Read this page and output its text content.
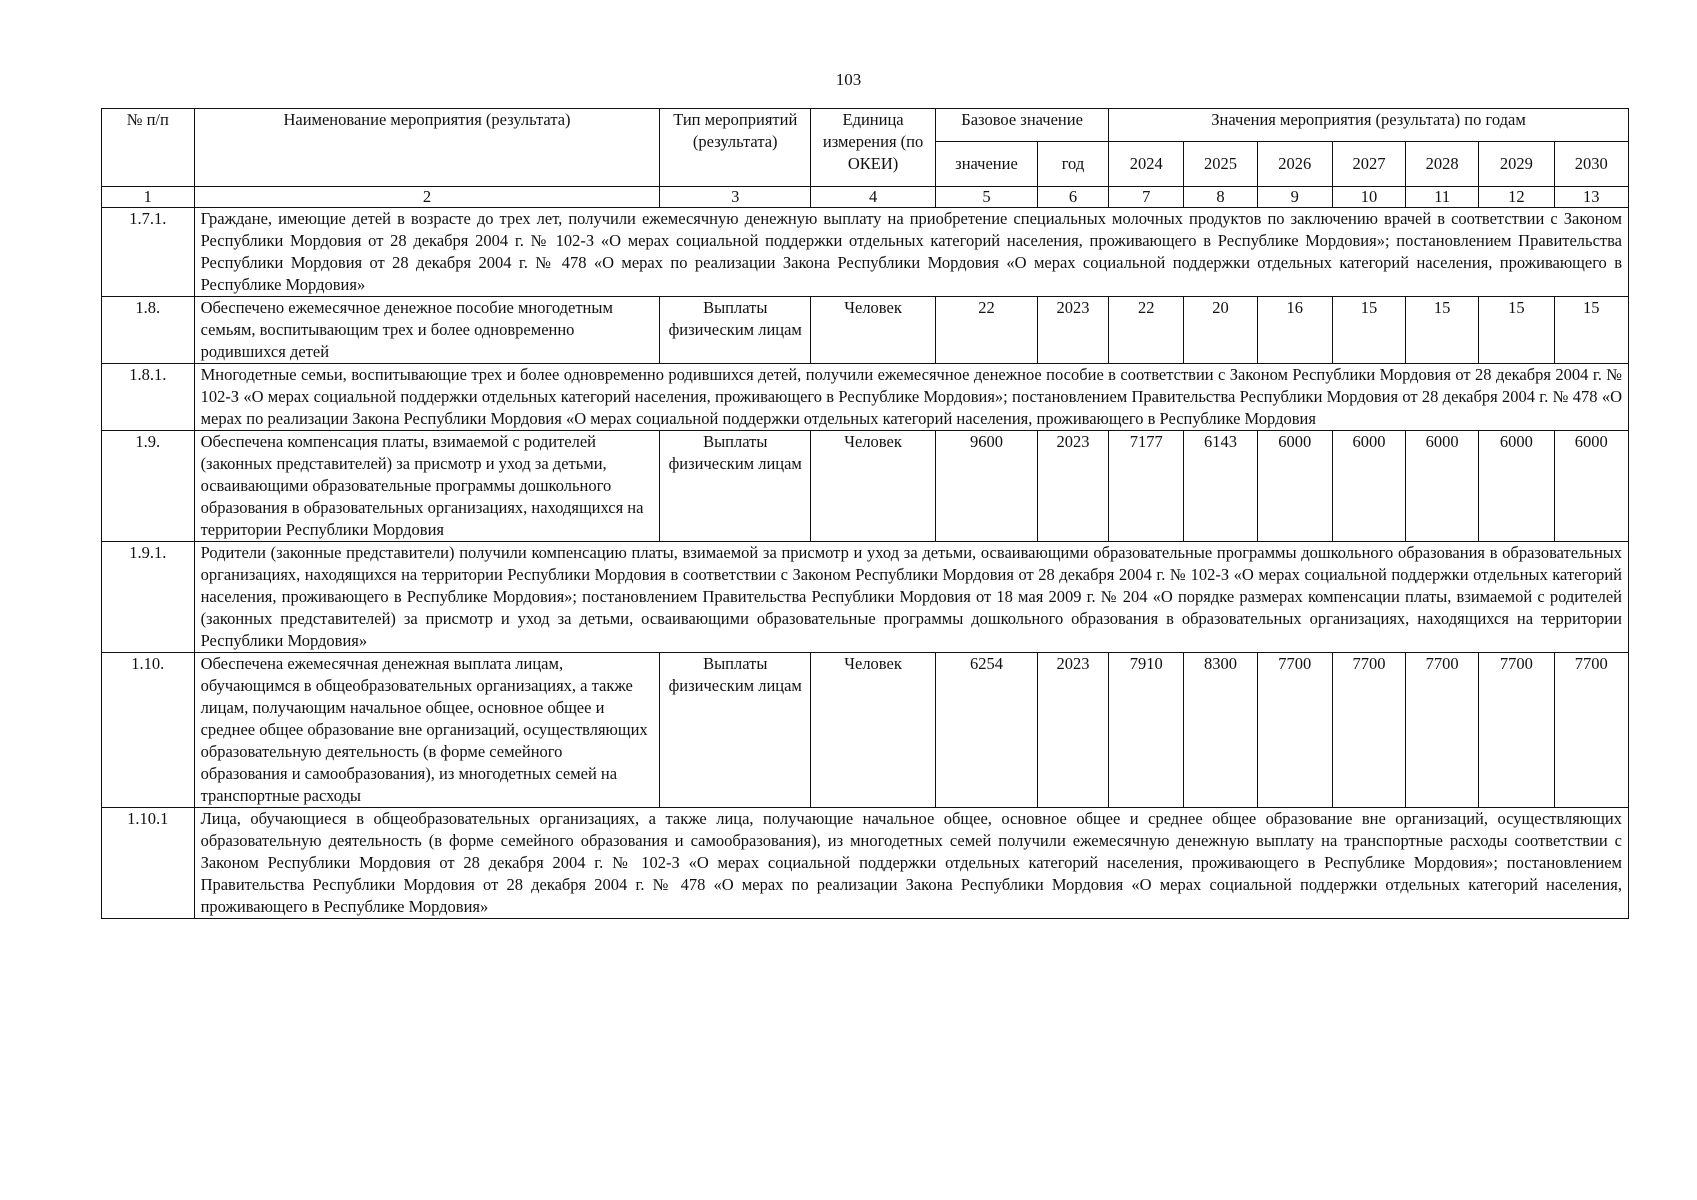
103
№ п/п	Наименование мероприятия (результата)	Тип мероприятий (результата)	Единица измерения (по ОКЕИ)	Базовое значение		Значения мероприятия (результата) по годам						
				значение	год	2024	2025	2026	2027	2028	2029	2030
1	2	3	4	5	6	7	8	9	10	11	12	13
1.7.1.	Граждане, имеющие детей в возрасте до трех лет, получили ежемесячную денежную выплату на приобретение специальных молочных продуктов по заключению врачей в соответствии с Законом Республики Мордовия от 28 декабря 2004 г. № 102-З «О мерах социальной поддержки отдельных категорий населения, проживающего в Республике Мордовия»; постановлением Правительства Республики Мордовия от 28 декабря 2004 г. № 478 «О мерах по реализации Закона Республики Мордовия «О мерах социальной поддержки отдельных категорий населения, проживающего в Республике Мордовия»											
1.8.	Обеспечено ежемесячное денежное пособие многодетным семьям, воспитывающим трех и более одновременно родившихся детей	Выплаты физическим лицам	Человек	22	2023	22	20	16	15	15	15	15
1.8.1.	Многодетные семьи, воспитывающие трех и более одновременно родившихся детей, получили ежемесячное денежное пособие в соответствии с Законом Республики Мордовия от 28 декабря 2004 г. № 102-З «О мерах социальной поддержки отдельных категорий населения, проживающего в Республике Мордовия»; постановлением Правительства Республики Мордовия от 28 декабря 2004 г. № 478 «О мерах по реализации Закона Республики Мордовия «О мерах социальной поддержки отдельных категорий населения, проживающего в Республике Мордовия											
1.9.	Обеспечена компенсация платы, взимаемой с родителей (законных представителей) за присмотр и уход за детьми, осваивающими образовательные программы дошкольного образования в образовательных организациях, находящихся на территории Республики Мордовия	Выплаты физическим лицам	Человек	9600	2023	7177	6143	6000	6000	6000	6000	6000
1.9.1.	Родители (законные представители) получили компенсацию платы, взимаемой за присмотр и уход за детьми, осваивающими образовательные программы дошкольного образования в образовательных организациях, находящихся на территории Республики Мордовия в соответствии с Законом Республики Мордовия от 28 декабря 2004 г. № 102-З «О мерах социальной поддержки отдельных категорий населения, проживающего в Республике Мордовия»; постановлением Правительства Республики Мордовия от 18 мая 2009 г. № 204 «О порядке размерах компенсации платы, взимаемой с родителей (законных представителей) за присмотр и уход за детьми, осваивающими образовательные программы дошкольного образования в образовательных организациях, находящихся на территории Республики Мордовия»											
1.10.	Обеспечена ежемесячная денежная выплата лицам, обучающимся в общеобразовательных организациях, а также лицам, получающим начальное общее, основное общее и среднее общее образование вне организаций, осуществляющих образовательную деятельность (в форме семейного образования и самообразования), из многодетных семей на транспортные расходы	Выплаты физическим лицам	Человек	6254	2023	7910	8300	7700	7700	7700	7700	7700
1.10.1	Лица, обучающиеся в общеобразовательных организациях, а также лица, получающие начальное общее, основное общее и среднее общее образование вне организаций, осуществляющих образовательную деятельность (в форме семейного образования и самообразования), из многодетных семей получили ежемесячную денежную выплату на транспортные расходы соответствии с Законом Республики Мордовия от 28 декабря 2004 г. № 102-З «О мерах социальной поддержки отдельных категорий населения, проживающего в Республике Мордовия»; постановлением Правительства Республики Мордовия от 28 декабря 2004 г. № 478 «О мерах по реализации Закона Республики Мордовия «О мерах социальной поддержки отдельных категорий населения, проживающего в Республике Мордовия»											
